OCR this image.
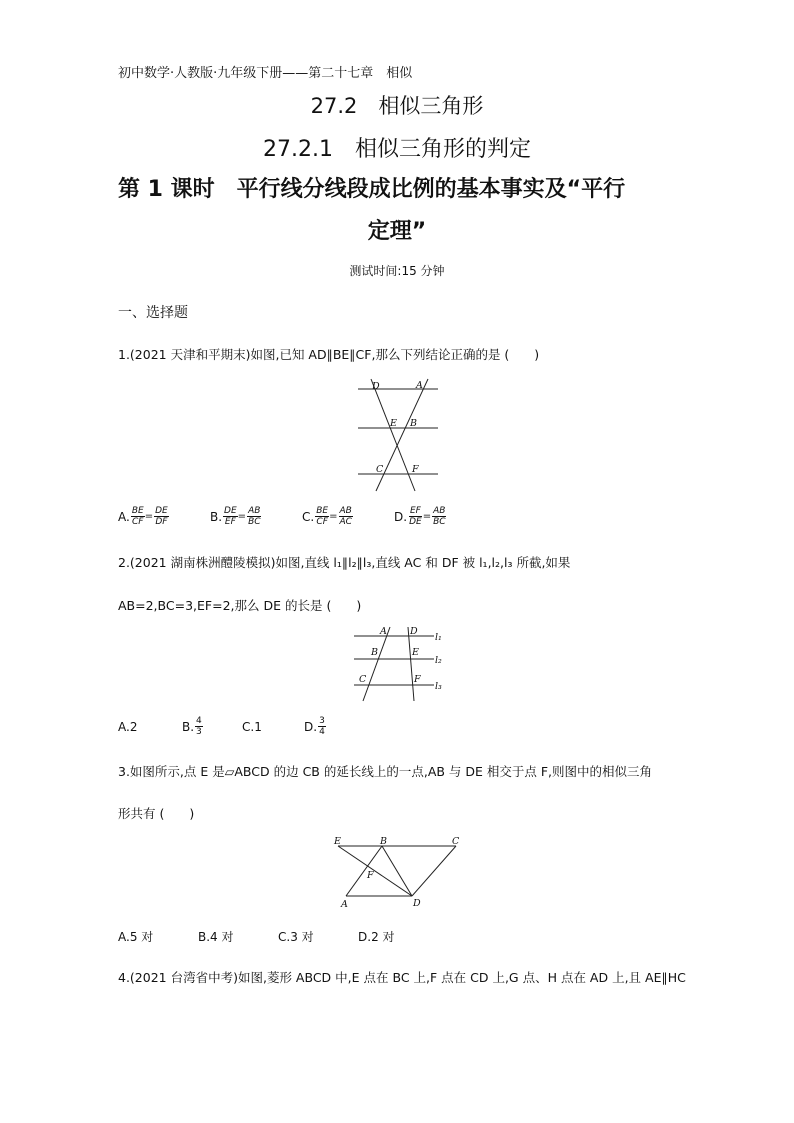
初中数学·人教版·九年级下册——第二十七章　相似
27.2　相似三角形
27.2.1　相似三角形的判定
第 1 课时　平行线分线段成比例的基本事实及“平行
定理”
测试时间:15 分钟
一、选择题
1.(2021 天津和平期末)如图,已知 AD∥BE∥CF,那么下列结论正确的是 (　　)
D	A
E B
C	F
A. $\frac{BE}{CF} = \frac{DE}{DF}$	B. $\frac{DE}{EF} = \frac{AB}{BC}$	C. $\frac{BE}{CF} = \frac{AB}{AC}$	D. $\frac{EF}{DE} = \frac{AB}{BC}$
2.(2021 湖南株洲醴陵模拟)如图,直线 l₁∥l₂∥l₃,直线 AC 和 DF 被 l₁,l₂,l₃ 所截,如果
AB=2,BC=3,EF=2,那么 DE 的长是 (　　)
A D
l₁
B	E
l₂
C	F
l₃
A. 2	B. $\frac{4}{3}$	C. 1	D. $\frac{3}{4}$
3.如图所示,点 E 是▱ABCD 的边 CB 的延长线上的一点,AB 与 DE 相交于点 F,则图中的相似三角
形共有 (　　)
E	B	C
F
A	D
A. 5 对	B. 4 对	C. 3 对	D. 2 对
4.(2021 台湾省中考)如图,菱形 ABCD 中,E 点在 BC 上,F 点在 CD 上,G 点、H 点在 AD 上,且 AE∥HC
